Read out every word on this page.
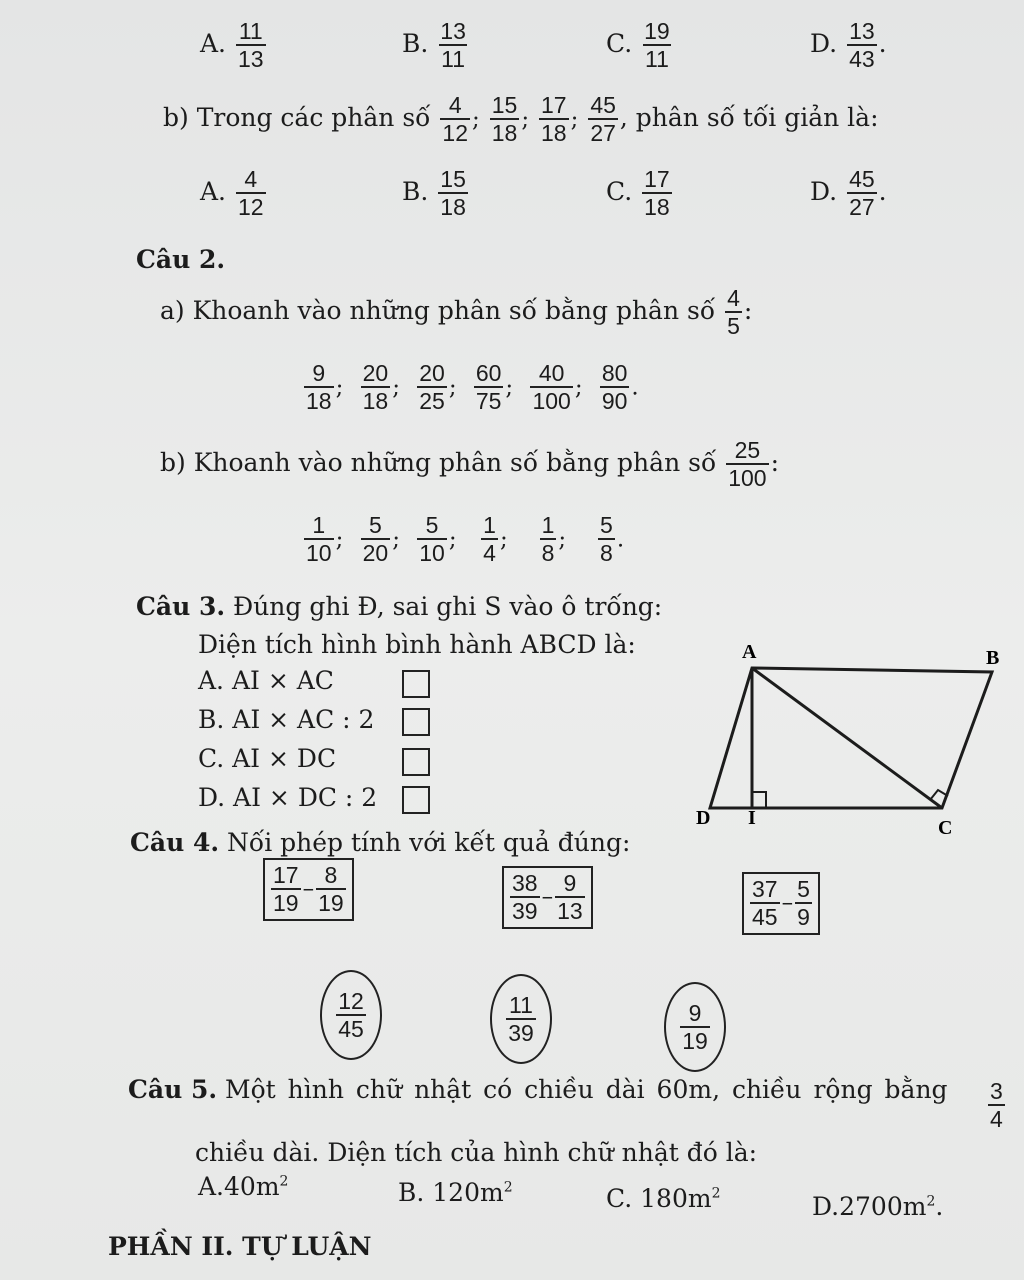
A. $\frac{11}{13}$	B. $\frac{13}{11}$	C. $\frac{19}{11}$	D. $\frac{13}{43}$ .
b) Trong các phân số $\frac{4}{12}$ ; $\frac{15}{18}$ ; $\frac{17}{18}$ ; $\frac{45}{27}$ , phân số tối giản là:
A. $\frac{4}{12}$	B. $\frac{15}{18}$	C. $\frac{17}{18}$	D. $\frac{45}{27}$ .
Câu 2.
a) Khoanh vào những phân số bằng phân số $\frac{4}{5}$ :
$\frac{9}{18}$ ; $\frac{20}{18}$ ; $\frac{20}{25}$ ; $\frac{60}{75}$ ; $\frac{40}{100}$ ; $\frac{80}{90}$ .
b) Khoanh vào những phân số bằng phân số $\frac{25}{100}$ :
$\frac{1}{10}$ ; $\frac{5}{20}$ ; $\frac{5}{10}$ ; $\frac{1}{4}$ ; $\frac{1}{8}$ ; $\frac{5}{8}$ .
Câu 3. Đúng ghi Đ, sai ghi S vào ô trống:
Diện tích hình bình hành ABCD là:
A. AI × AC
B. AI × AC : 2
C. AI × DC
D. AI × DC : 2
A	B
C
D I
Câu 4. Nối phép tính với kết quả đúng:
$\frac{17}{19} - \frac{8}{19}$	$\frac{38}{39} - \frac{9}{13}$	$\frac{37}{45} - \frac{5}{9}$
$\frac{12}{45}$	$\frac{11}{39}$	$\frac{9}{19}$
Câu 5. Một hình chữ nhật có chiều dài 60m, chiều rộng bằng $\frac{3}{4}$
chiều dài. Diện tích của hình chữ nhật đó là:
$A.40m^2$	B. $120m^2$	C. $180m^2$	$D.2700m^2$.
PHẦN II. TỰ LUẬN
